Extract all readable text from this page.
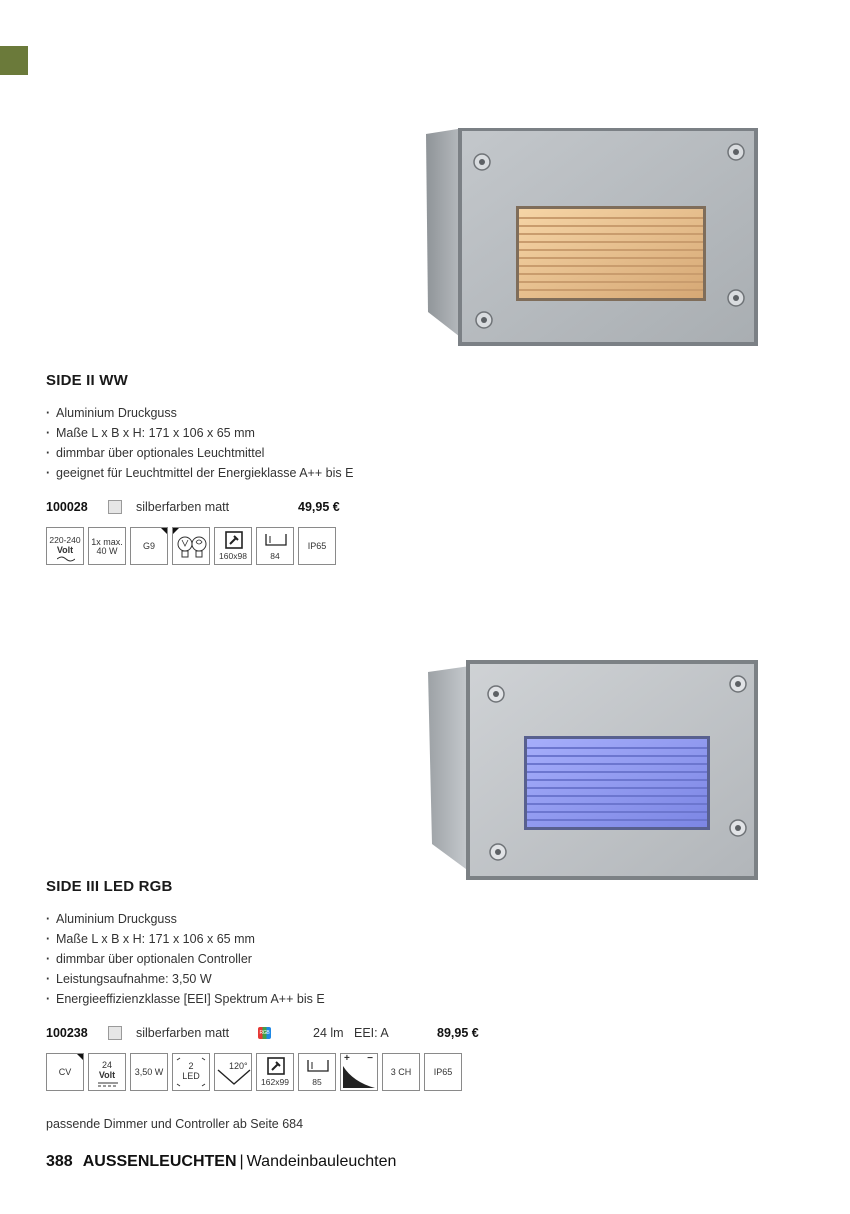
SIDE II WW
· Aluminium Druckguss
· Maße L x B x H: 171 x 106 x 65 mm
· dimmbar über optionales Leuchtmittel
· geeignet für Leuchtmittel der Energieklasse A++ bis E
100028	silberfarben matt	49,95 €
220-240
Volt
1x max.
40 W	G9
160x98	84
IP65
SIDE III LED RGB
· Aluminium Druckguss
· Maße L x B x H: 171 x 106 x 65 mm
· dimmbar über optionalen Controller
· Leistungsaufnahme: 3,50 W
· Energieeffizienzklasse [EEI] Spektrum A++ bis E
100238	silberfarben matt	RGB	24 lm EEI: A	89,95 €
CV
24
Volt	3,50 W
2
LED
120°
162x99	85
+ −
3 CH	IP65

passende Dimmer und Controller ab Seite 684

388 AUSSENLEUCHTEN | Wandeinbauleuchten
